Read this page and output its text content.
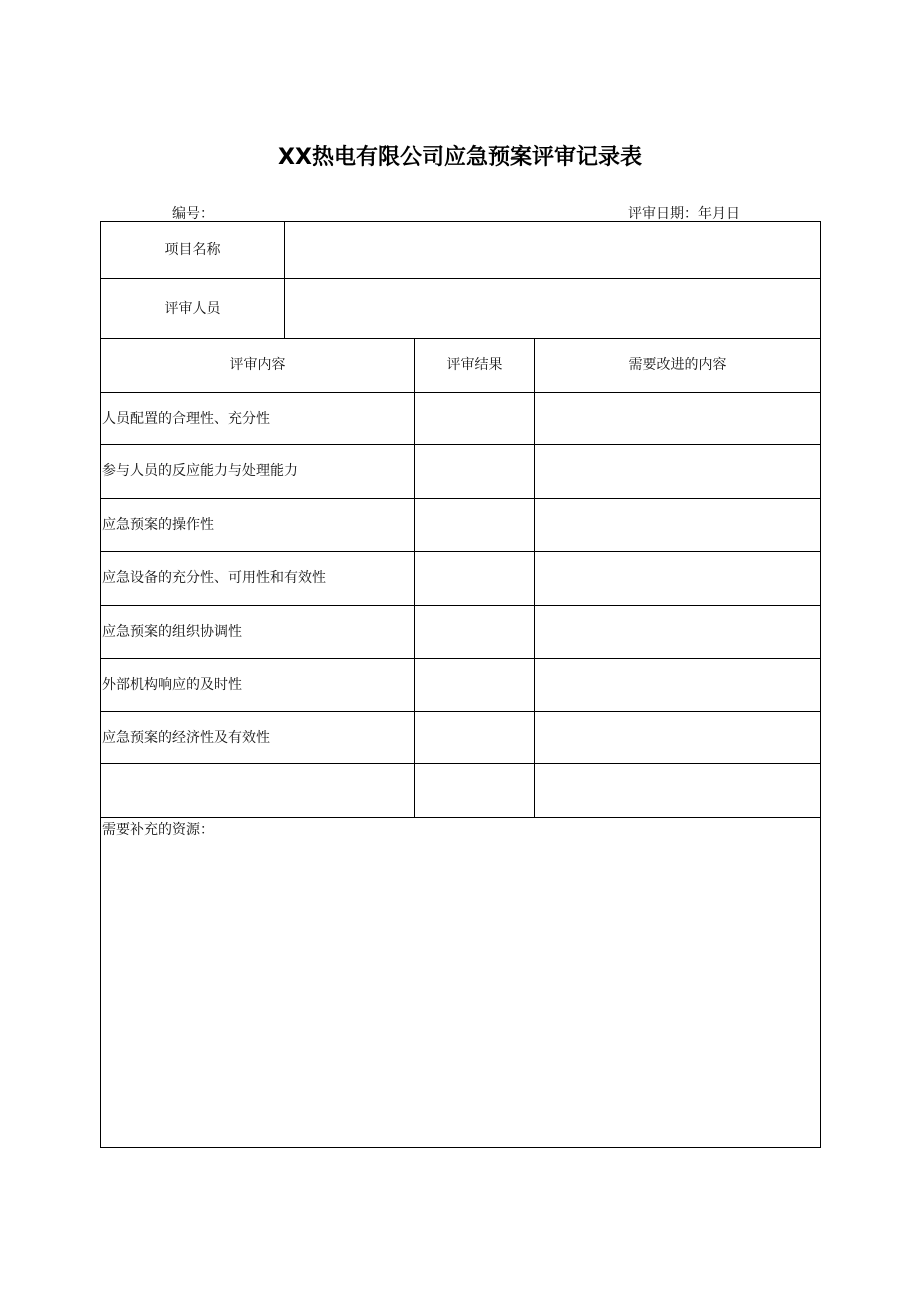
XX热电有限公司应急预案评审记录表
编号：	评审日期：年月日
项目名称
评审人员
评审内容	评审结果	需要改进的内容
人员配置的合理性、充分性
参与人员的反应能力与处理能力
应急预案的操作性
应急设备的充分性、可用性和有效性
应急预案的组织协调性
外部机构响应的及时性
应急预案的经济性及有效性
需要补充的资源：
